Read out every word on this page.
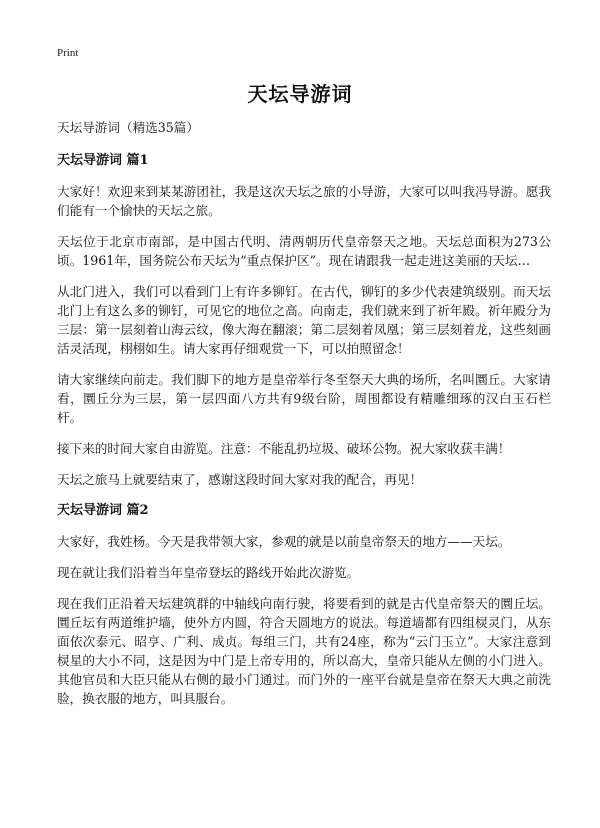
Print
天坛导游词

天坛导游词（精选35篇）

天坛导游词 篇1

大家好！欢迎来到某某游团社，我是这次天坛之旅的小导游，大家可以叫我冯导游。愿我们能有一个愉快的天坛之旅。

天坛位于北京市南部，是中国古代明、清两朝历代皇帝祭天之地。天坛总面积为273公顷。1961年，国务院公布天坛为“重点保护区”。现在请跟我一起走进这美丽的天坛…

从北门进入，我们可以看到门上有许多铆钉。在古代，铆钉的多少代表建筑级别。而天坛北门上有这么多的铆钉，可见它的地位之高。向南走，我们就来到了祈年殿。祈年殿分为三层：第一层刻着山海云纹，像大海在翻滚；第二层刻着凤凰；第三层刻着龙，这些刻画活灵活现，栩栩如生。请大家再仔细观赏一下，可以拍照留念！

请大家继续向前走。我们脚下的地方是皇帝举行冬至祭天大典的场所，名叫圜丘。大家请看，圜丘分为三层，第一层四面八方共有9级台阶，周围都设有精雕细琢的汉白玉石栏杆。

接下来的时间大家自由游览。注意：不能乱扔垃圾、破坏公物。祝大家收获丰满！

天坛之旅马上就要结束了，感谢这段时间大家对我的配合，再见！

天坛导游词 篇2

大家好，我姓杨。今天是我带领大家，参观的就是以前皇帝祭天的地方——天坛。

现在就让我们沿着当年皇帝登坛的路线开始此次游览。

现在我们正沿着天坛建筑群的中轴线向南行驶，将要看到的就是古代皇帝祭天的圜丘坛。圜丘坛有两道维护墙，使外方内圆，符合天圆地方的说法。每道墙都有四组棂灵门，从东面依次泰元、昭亨、广利、成贞。每组三门，共有24座，称为“云门玉立”。大家注意到棂星的大小不同，这是因为中门是上帝专用的，所以高大，皇帝只能从左侧的小门进入。其他官员和大臣只能从右侧的最小门通过。而门外的一座平台就是皇帝在祭天大典之前洗脸，换衣服的地方，叫具服台。
